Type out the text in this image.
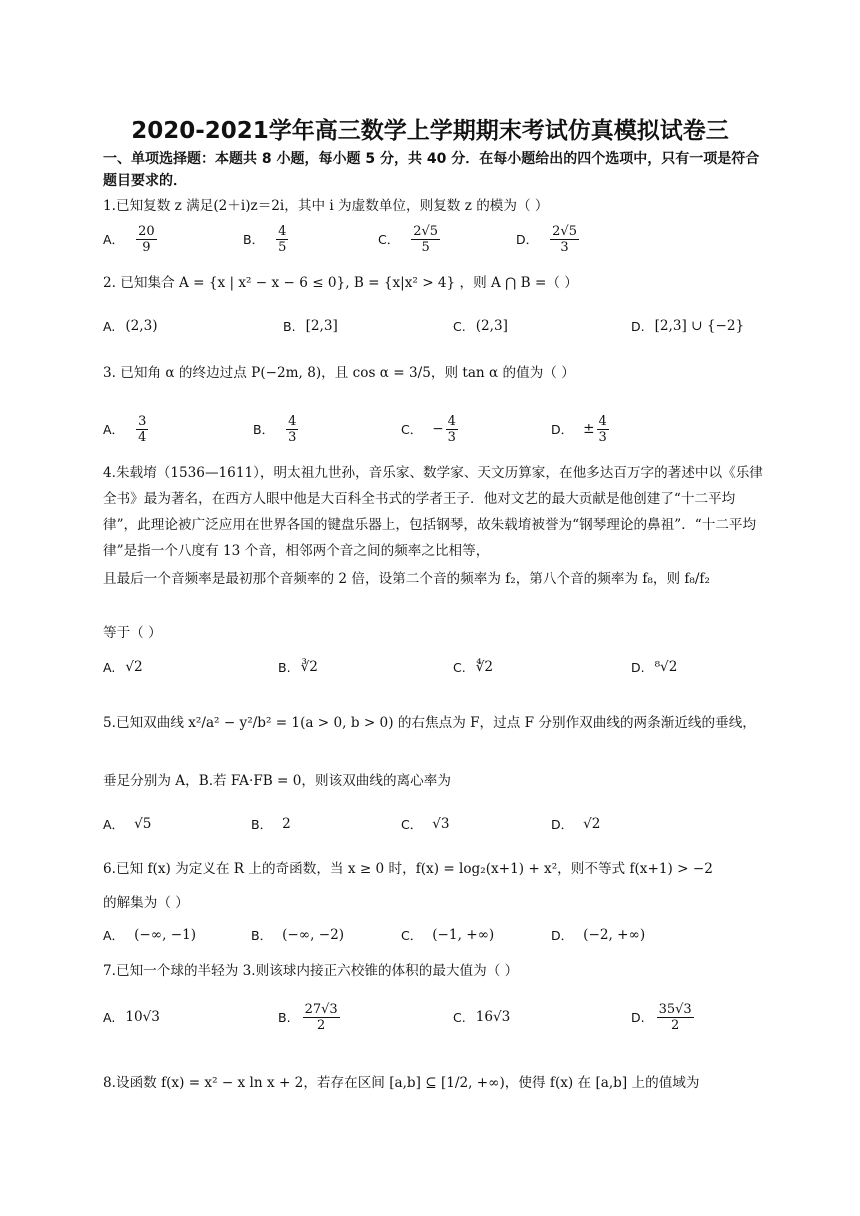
2020-2021学年高三数学上学期期末考试仿真模拟试卷三
一、单项选择题：本题共 8 小题，每小题 5 分，共 40 分．在每小题给出的四个选项中，只有一项是符合题目要求的．
1.已知复数 z 满足(2＋i)z＝2i，其中 i 为虚数单位，则复数 z 的模为（ ）
A． $\frac{20}{9}$	B． $\frac{4}{5}$	C． $\frac{2√5}{5}$	D． $\frac{2√5}{3}$
2. 已知集合 A = {x | x² − x − 6 ≤ 0}, B = {x|x² > 4} ，则 A ⋂ B =（ ）
A. (2,3)	B. [2,3]	C. (2,3]	D. [2,3] ∪ {−2}
3. 已知角 α 的终边过点 P(−2m, 8)，且 cos α = 3/5，则 tan α 的值为（ ）
A． $\frac{3}{4}$	B． $\frac{4}{3}$	C． − $\frac{4}{3}$	D． ± $\frac{4}{3}$
4.朱载堉（1536—1611），明太祖九世孙，音乐家、数学家、天文历算家，在他多达百万字的著述中以《乐律全书》最为著名，在西方人眼中他是大百科全书式的学者王子．他对文艺的最大贡献是他创建了“十二平均律”，此理论被广泛应用在世界各国的键盘乐器上，包括钢琴，故朱载堉被誉为“钢琴理论的鼻祖”．“十二平均律”是指一个八度有 13 个音，相邻两个音之间的频率之比相等，
且最后一个音频率是最初那个音频率的 2 倍，设第二个音的频率为 f₂，第八个音的频率为 f₈，则 f₈/f₂
等于（ ）
A. √2	B. ∛2	C. ∜2	D. ⁸√2
5.已知双曲线 x²/a² − y²/b² = 1(a > 0, b > 0) 的右焦点为 F，过点 F 分别作双曲线的两条渐近线的垂线，
垂足分别为 A，B.若 FA·FB = 0，则该双曲线的离心率为
A． √5	B． 2	C． √3	D． √2
6.已知 f(x) 为定义在 R 上的奇函数，当 x ≥ 0 时，f(x) = log₂(x+1) + x²，则不等式 f(x+1) > −2
的解集为（ ）
A． (−∞, −1)	B． (−∞, −2)	C． (−1, +∞)	D． (−2, +∞)
7.已知一个球的半轻为 3.则该球内接正六校锥的体积的最大值为（ ）
A. 10√3	B. $\frac{27√3}{2}$	C. 16√3	D. $\frac{35√3}{2}$
8.设函数 f(x) = x² − x ln x + 2，若存在区间 [a,b] ⊆ [1/2, +∞)，使得 f(x) 在 [a,b] 上的值域为
